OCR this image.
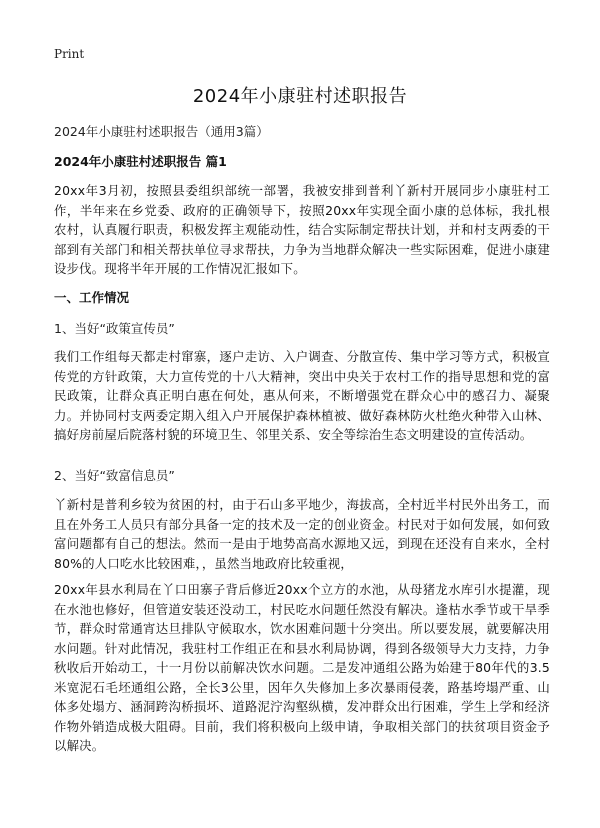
Print
2024年小康驻村述职报告
2024年小康驻村述职报告（通用3篇）
2024年小康驻村述职报告 篇1
20xx年3月初，按照县委组织部统一部署，我被安排到普利丫新村开展同步小康驻村工作，半年来在乡党委、政府的正确领导下，按照20xx年实现全面小康的总体标，我扎根农村，认真履行职责，积极发挥主观能动性，结合实际制定帮扶计划，并和村支两委的干部到有关部门和相关帮扶单位寻求帮扶，力争为当地群众解决一些实际困难，促进小康建设步伐。现将半年开展的工作情况汇报如下。
一、工作情况
1、当好“政策宣传员”
我们工作组每天都走村窜寨，逐户走访、入户调查、分散宣传、集中学习等方式，积极宣传党的方针政策，大力宣传党的十八大精神，突出中央关于农村工作的指导思想和党的富民政策，让群众真正明白惠在何处，惠从何来，不断增强党在群众心中的感召力、凝聚力。并协同村支两委定期入组入户开展保护森林植被、做好森林防火杜绝火种带入山林、搞好房前屋后院落村貌的环境卫生、邻里关系、安全等综治生态文明建设的宣传活动。
2、当好“致富信息员”
丫新村是普利乡较为贫困的村，由于石山多平地少，海拔高，全村近半村民外出务工，而且在外务工人员只有部分具备一定的技术及一定的创业资金。村民对于如何发展，如何致富问题都有自己的想法。然而一是由于地势高高水源地又远，到现在还没有自来水，全村80%的人口吃水比较困难，，虽然当地政府比较重视，
20xx年县水利局在丫口田寨子背后修近20xx个立方的水池，从母猪龙水库引水提灌，现在水池也修好，但管道安装还没动工，村民吃水问题任然没有解决。逢枯水季节或干旱季节，群众时常通宵达旦排队守候取水，饮水困难问题十分突出。所以要发展，就要解决用水问题。针对此情况，我驻村工作组正在和县水利局协调，得到各级领导大力支持，力争秋收后开始动工，十一月份以前解决饮水问题。二是发冲通组公路为始建于80年代的3.5米宽泥石毛坯通组公路，全长3公里，因年久失修加上多次暴雨侵袭，路基垮塌严重、山体多处塌方、涵洞跨沟桥损坏、道路泥泞沟壑纵横，发冲群众出行困难，学生上学和经济作物外销造成极大阻碍。目前，我们将积极向上级申请，争取相关部门的扶贫项目资金予以解决。
